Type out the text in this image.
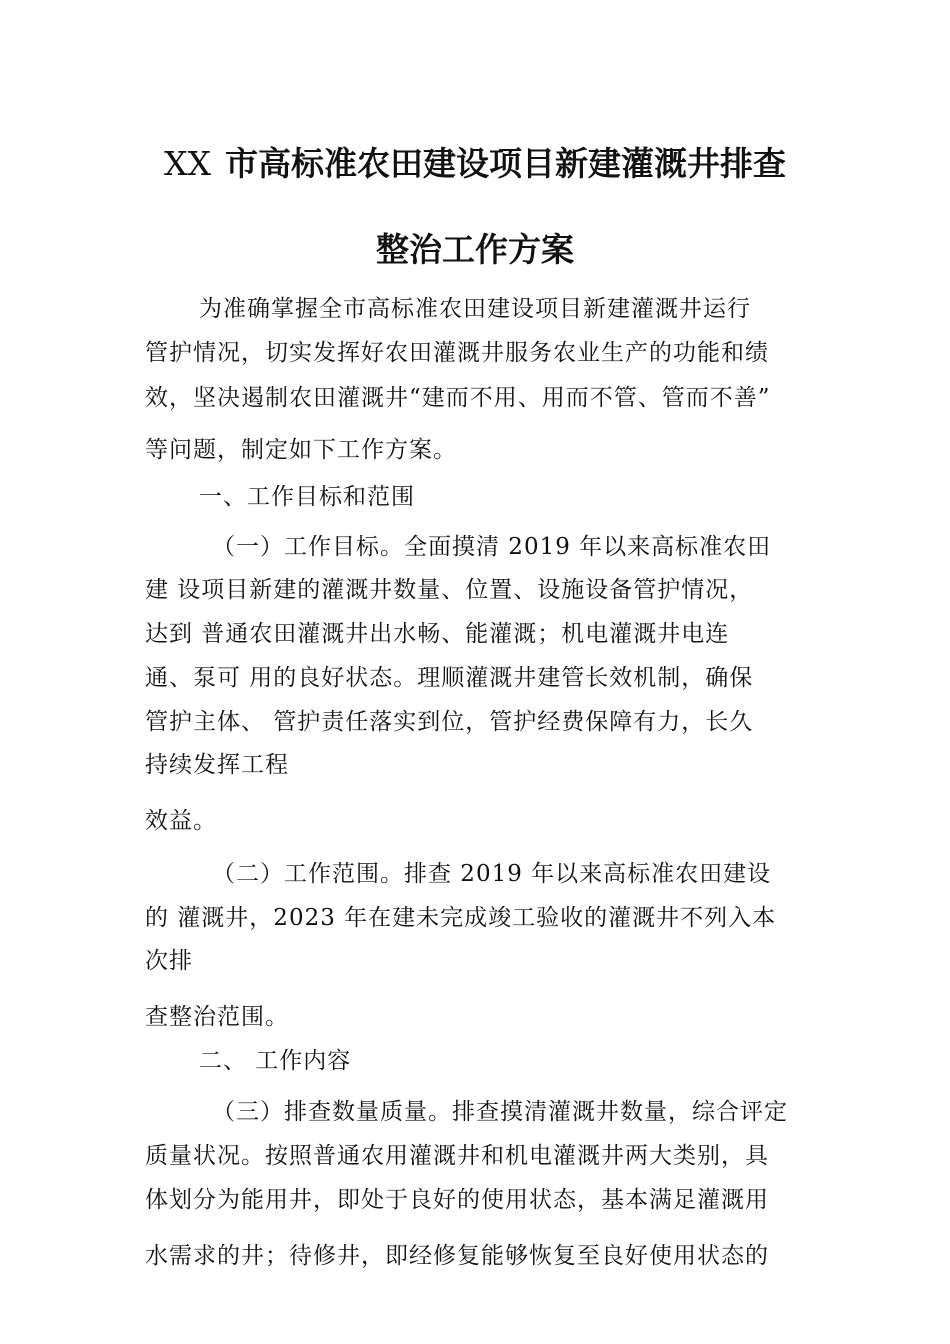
XX 市高标准农田建设项目新建灌溉井排查
整治工作方案
为准确掌握全市高标准农田建设项目新建灌溉井运行
管护情况，切实发挥好农田灌溉井服务农业生产的功能和绩
效，坚决遏制农田灌溉井“建而不用、用而不管、管而不善”
等问题，制定如下工作方案。
一、工作目标和范围
（一）工作目标。全面摸清 2019 年以来高标准农田
建 设项目新建的灌溉井数量、位置、设施设备管护情况，
达到 普通农田灌溉井出水畅、能灌溉；机电灌溉井电连
通、泵可 用的良好状态。理顺灌溉井建管长效机制，确保
管护主体、 管护责任落实到位，管护经费保障有力，长久
持续发挥工程
效益。
（二）工作范围。排查 2019 年以来高标准农田建设
的 灌溉井，2023 年在建未完成竣工验收的灌溉井不列入本
次排
查整治范围。
二、 工作内容
（三）排查数量质量。排查摸清灌溉井数量，综合评定
质量状况。按照普通农用灌溉井和机电灌溉井两大类别，具
体划分为能用井，即处于良好的使用状态，基本满足灌溉用
水需求的井；待修井，即经修复能够恢复至良好使用状态的
